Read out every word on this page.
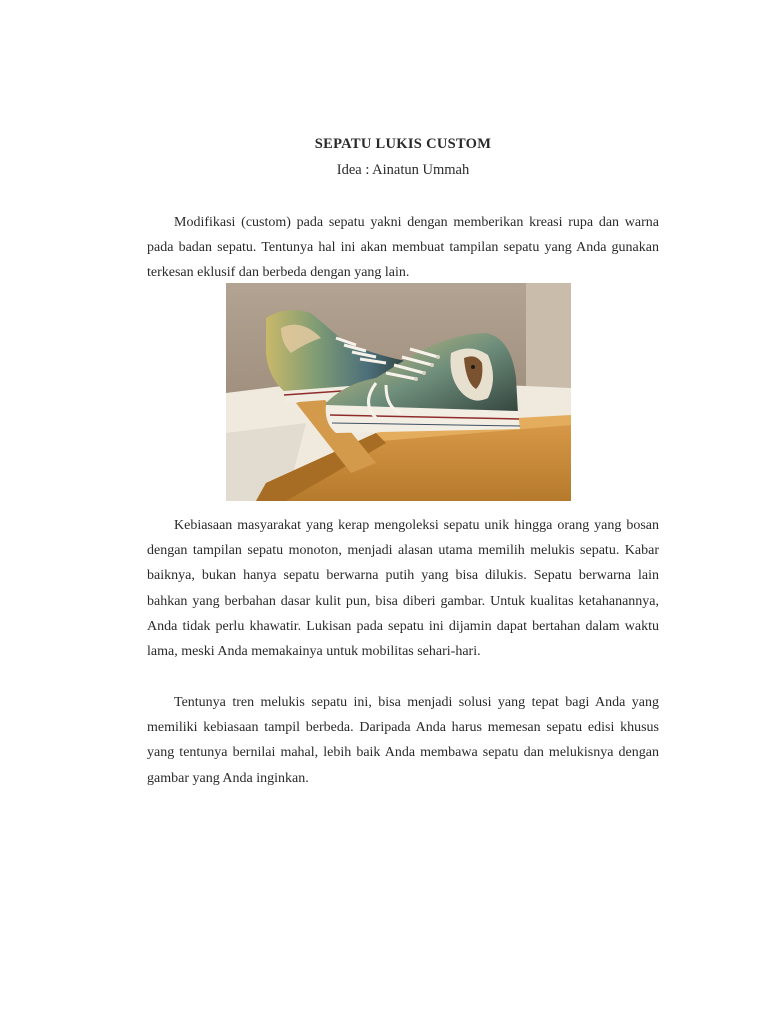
SEPATU LUKIS CUSTOM
Idea : Ainatun Ummah

Modifikasi (custom) pada sepatu yakni dengan memberikan kreasi rupa dan warna pada badan sepatu. Tentunya hal ini akan membuat tampilan sepatu yang Anda gunakan terkesan eklusif dan berbeda dengan yang lain.

Kebiasaan masyarakat yang kerap mengoleksi sepatu unik hingga orang yang bosan dengan tampilan sepatu monoton, menjadi alasan utama memilih melukis sepatu. Kabar baiknya, bukan hanya sepatu berwarna putih yang bisa dilukis. Sepatu berwarna lain bahkan yang berbahan dasar kulit pun, bisa diberi gambar. Untuk kualitas ketahanannya, Anda tidak perlu khawatir. Lukisan pada sepatu ini dijamin dapat bertahan dalam waktu lama, meski Anda memakainya untuk mobilitas sehari-hari.

Tentunya tren melukis sepatu ini, bisa menjadi solusi yang tepat bagi Anda yang memiliki kebiasaan tampil berbeda. Daripada Anda harus memesan sepatu edisi khusus yang tentunya bernilai mahal, lebih baik Anda membawa sepatu dan melukisnya dengan gambar yang Anda inginkan.
